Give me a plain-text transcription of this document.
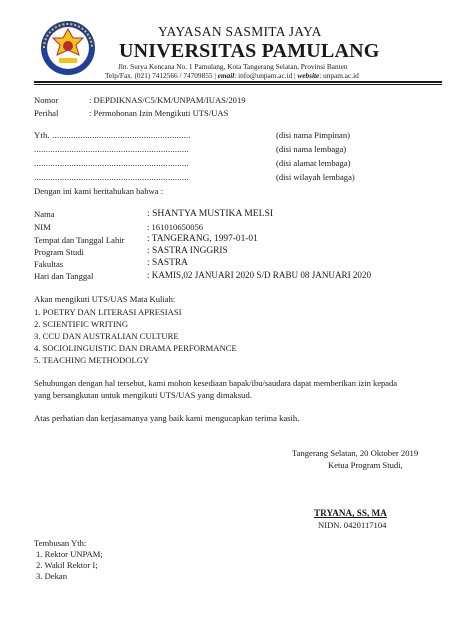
YAYASAN SASMITA JAYA
UNIVERSITAS PAMULANG
Jln. Surya Kencana No. 1 Pamulang, Kota Tangerang Selatan, Provinsi Banten
Telp/Fax. (021) 7412566 / 74709855 | email: info@unpam.ac.id | website: unpam.ac.id
Nomor	: DEPDIKNAS/C5/KM/UNPAM/IUAS/2019
Perihal	: Permohonan Izin Mengikuti UTS/UAS
Yth. ...........................................................	(disi nama Pimpinan)
..................................................................	(disi nama lembaga)
..................................................................	(disi alamat lembaga)
..................................................................	(disi wilayah lembaga)
Dengan ini kami beritahukan bahwa :
Nama	: SHANTYA MUSTIKA MELSI
NIM	: 161010650056
Tempat dan Tanggal Lahir : TANGERANG, 1997-01-01
Program Studi	: SASTRA INGGRIS
Fakultas	: SASTRA
Hari dan Tanggal	: KAMIS,02 JANUARI 2020 S/D RABU 08 JANUARI 2020
Akan mengikuti UTS/UAS Mata Kuliah:
1. POETRY DAN LITERASI APRESIASI
2. SCIENTIFIC WRITING
3. CCU DAN AUSTRALIAN CULTURE
4. SOCIOLINGUISTIC DAN DRAMA PERFORMANCE
5. TEACHING METHODOLGY
Sehubungan dengan hal tersebut, kami mohon kesediaan bapak/ibu/saudara dapat memberikan izin kepada
yang bersangkutan untuk mengikuti UTS/UAS yang dimaksud.
Atas perhatian dan kerjasamanya yang baik kami mengucapkan terima kasih.
Tangerang Selatan, 20 Oktober 2019
Ketua Program Studi,
TRYANA, SS, MA
NIDN. 0420117104
Tembusan Yth:
1. Rektor UNPAM;
2. Wakil Rektor I;
3. Dekan
